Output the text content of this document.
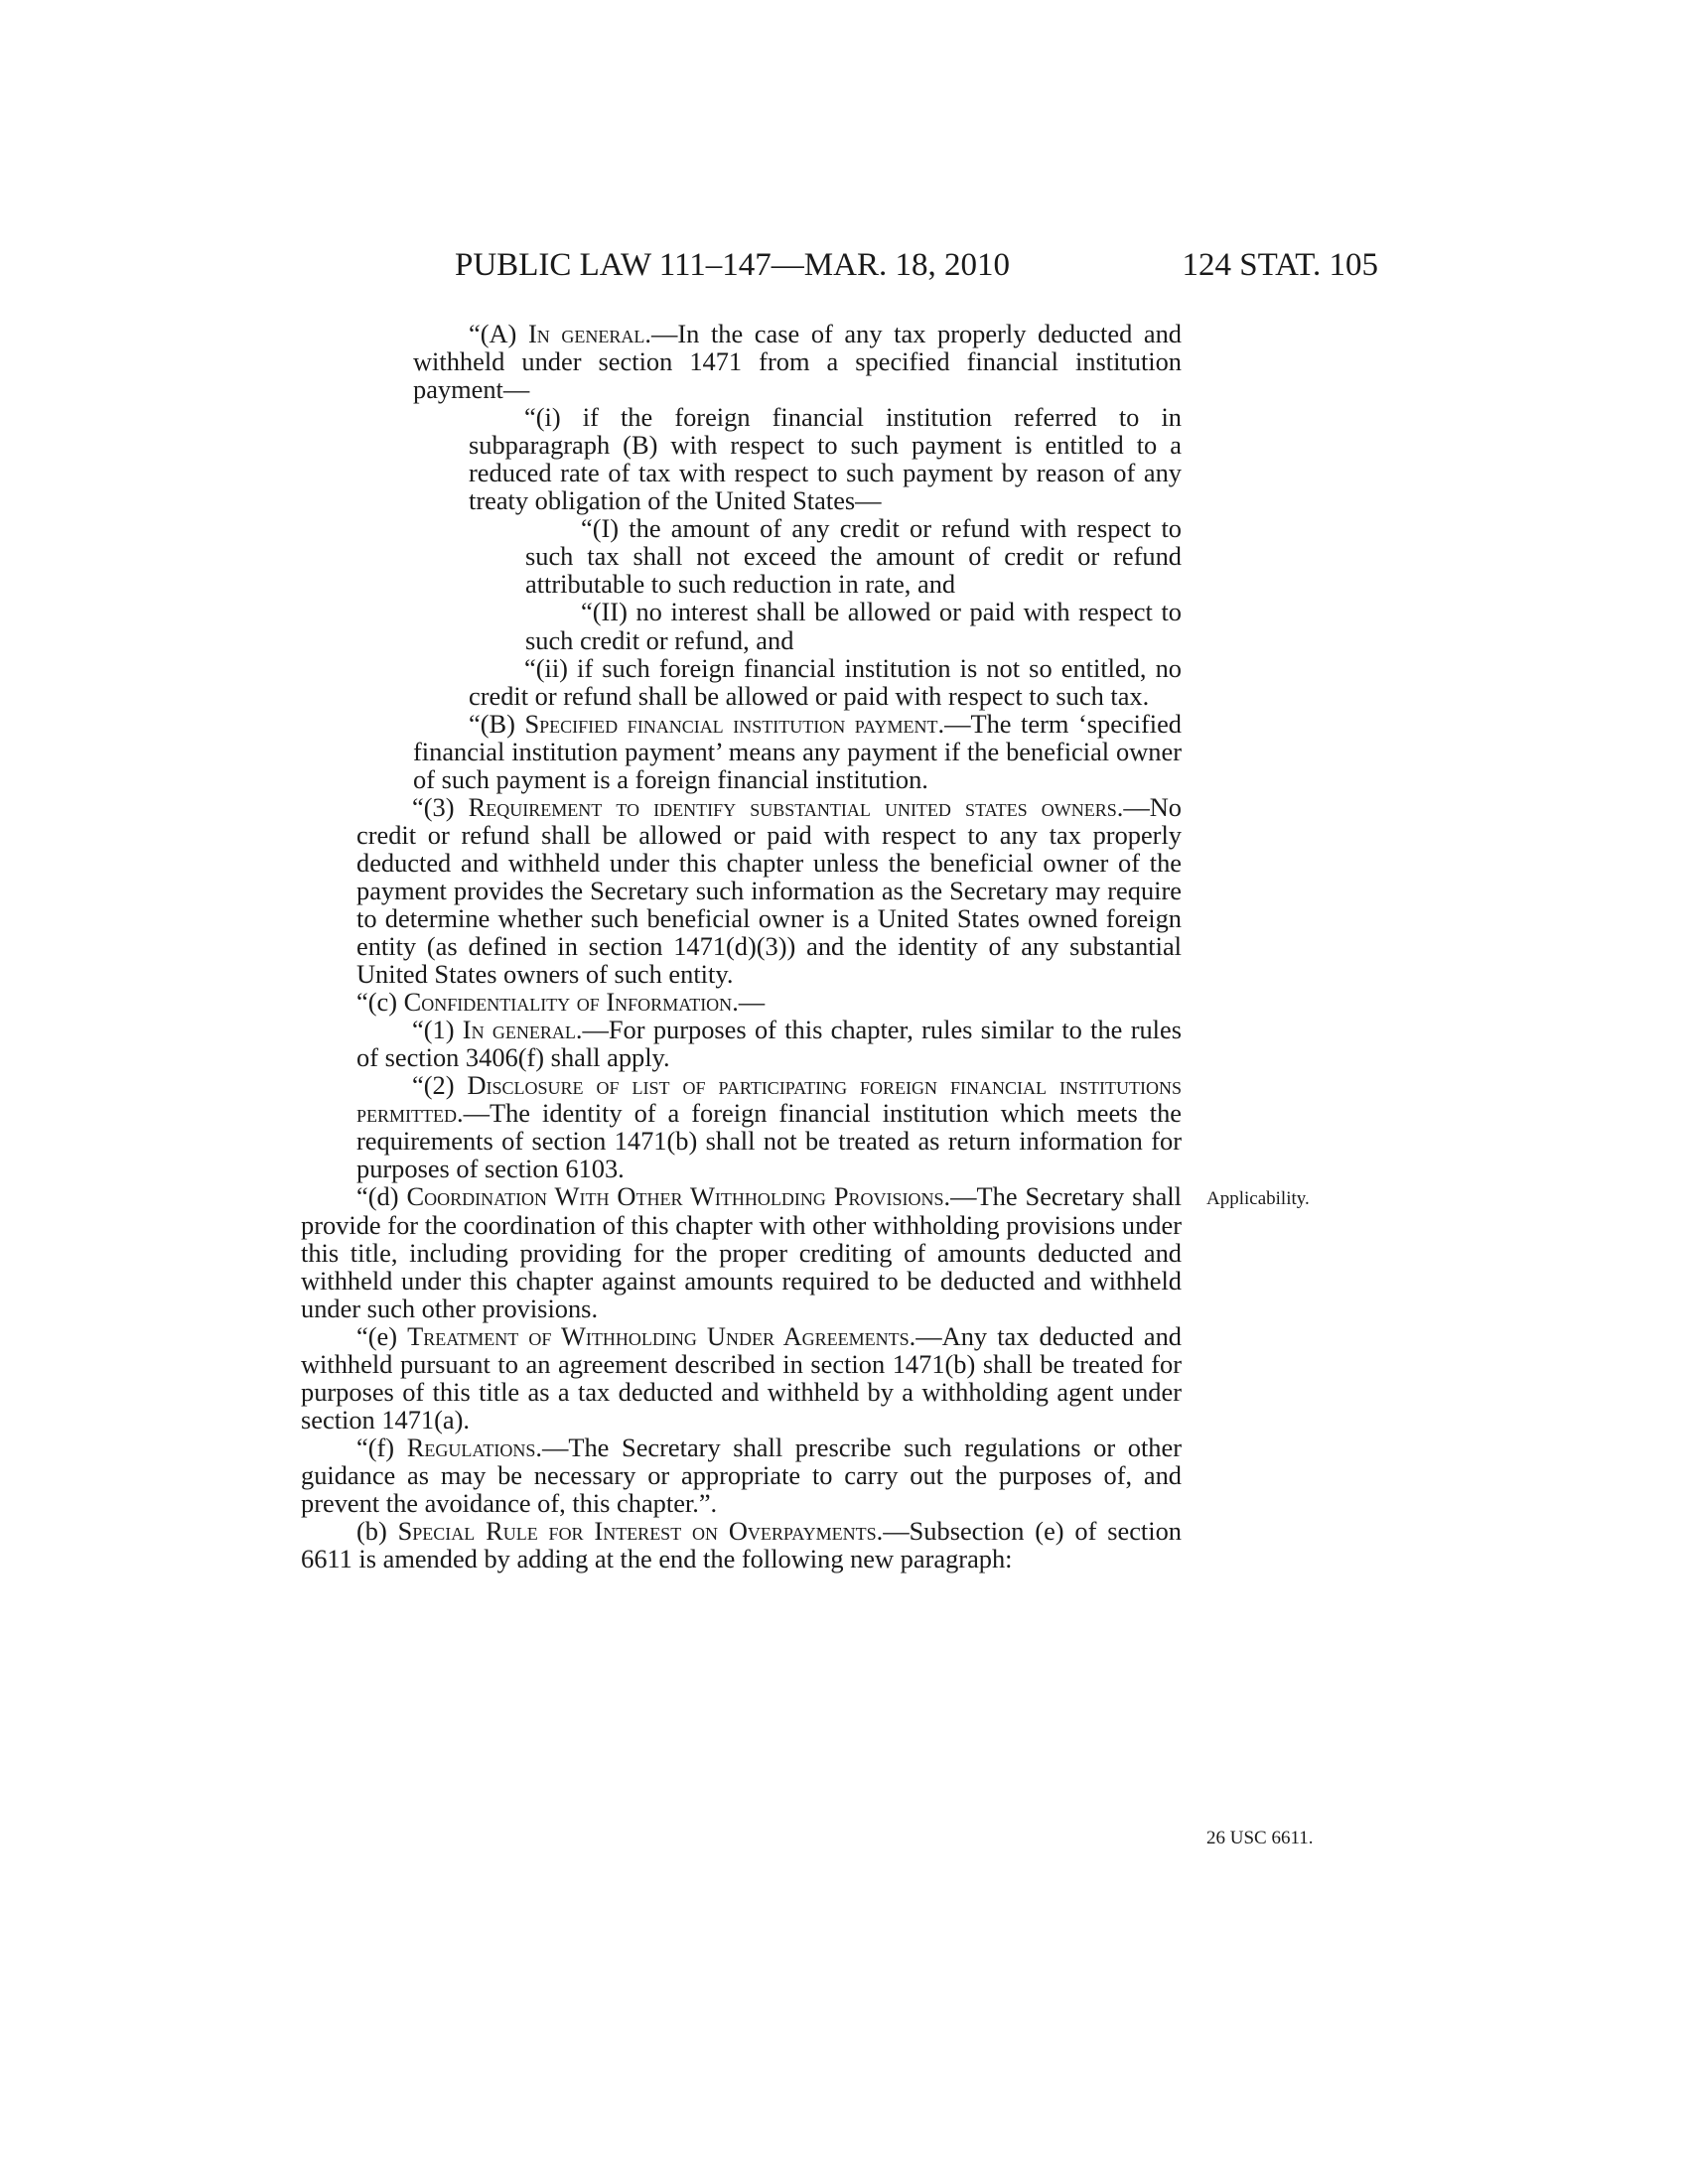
PUBLIC LAW 111–147—MAR. 18, 2010	124 STAT. 105

“(A) In general.—In the case of any tax properly deducted and withheld under section 1471 from a specified financial institution payment—

“(i) if the foreign financial institution referred to in subparagraph (B) with respect to such payment is entitled to a reduced rate of tax with respect to such payment by reason of any treaty obligation of the United States—

“(I) the amount of any credit or refund with respect to such tax shall not exceed the amount of credit or refund attributable to such reduction in rate, and

“(II) no interest shall be allowed or paid with respect to such credit or refund, and

“(ii) if such foreign financial institution is not so entitled, no credit or refund shall be allowed or paid with respect to such tax.

“(B) Specified financial institution payment.—The term ‘specified financial institution payment’ means any payment if the beneficial owner of such payment is a foreign financial institution.

“(3) Requirement to identify substantial united states owners.—No credit or refund shall be allowed or paid with respect to any tax properly deducted and withheld under this chapter unless the beneficial owner of the payment provides the Secretary such information as the Secretary may require to determine whether such beneficial owner is a United States owned foreign entity (as defined in section 1471(d)(3)) and the identity of any substantial United States owners of such entity.

“(c) Confidentiality of Information.—

“(1) In general.—For purposes of this chapter, rules similar to the rules of section 3406(f) shall apply.

“(2) Disclosure of list of participating foreign financial institutions permitted.—The identity of a foreign financial institution which meets the requirements of section 1471(b) shall not be treated as return information for purposes of section 6103.

“(d) Coordination With Other Withholding Provisions.—The Secretary shall provide for the coordination of this chapter with other withholding provisions under this title, including providing for the proper crediting of amounts deducted and withheld under this chapter against amounts required to be deducted and withheld under such other provisions.

“(e) Treatment of Withholding Under Agreements.—Any tax deducted and withheld pursuant to an agreement described in section 1471(b) shall be treated for purposes of this title as a tax deducted and withheld by a withholding agent under section 1471(a).

“(f) Regulations.—The Secretary shall prescribe such regulations or other guidance as may be necessary or appropriate to carry out the purposes of, and prevent the avoidance of, this chapter.”.

(b) Special Rule for Interest on Overpayments.—Subsection (e) of section 6611 is amended by adding at the end the following new paragraph:

Applicability.
26 USC 6611.
